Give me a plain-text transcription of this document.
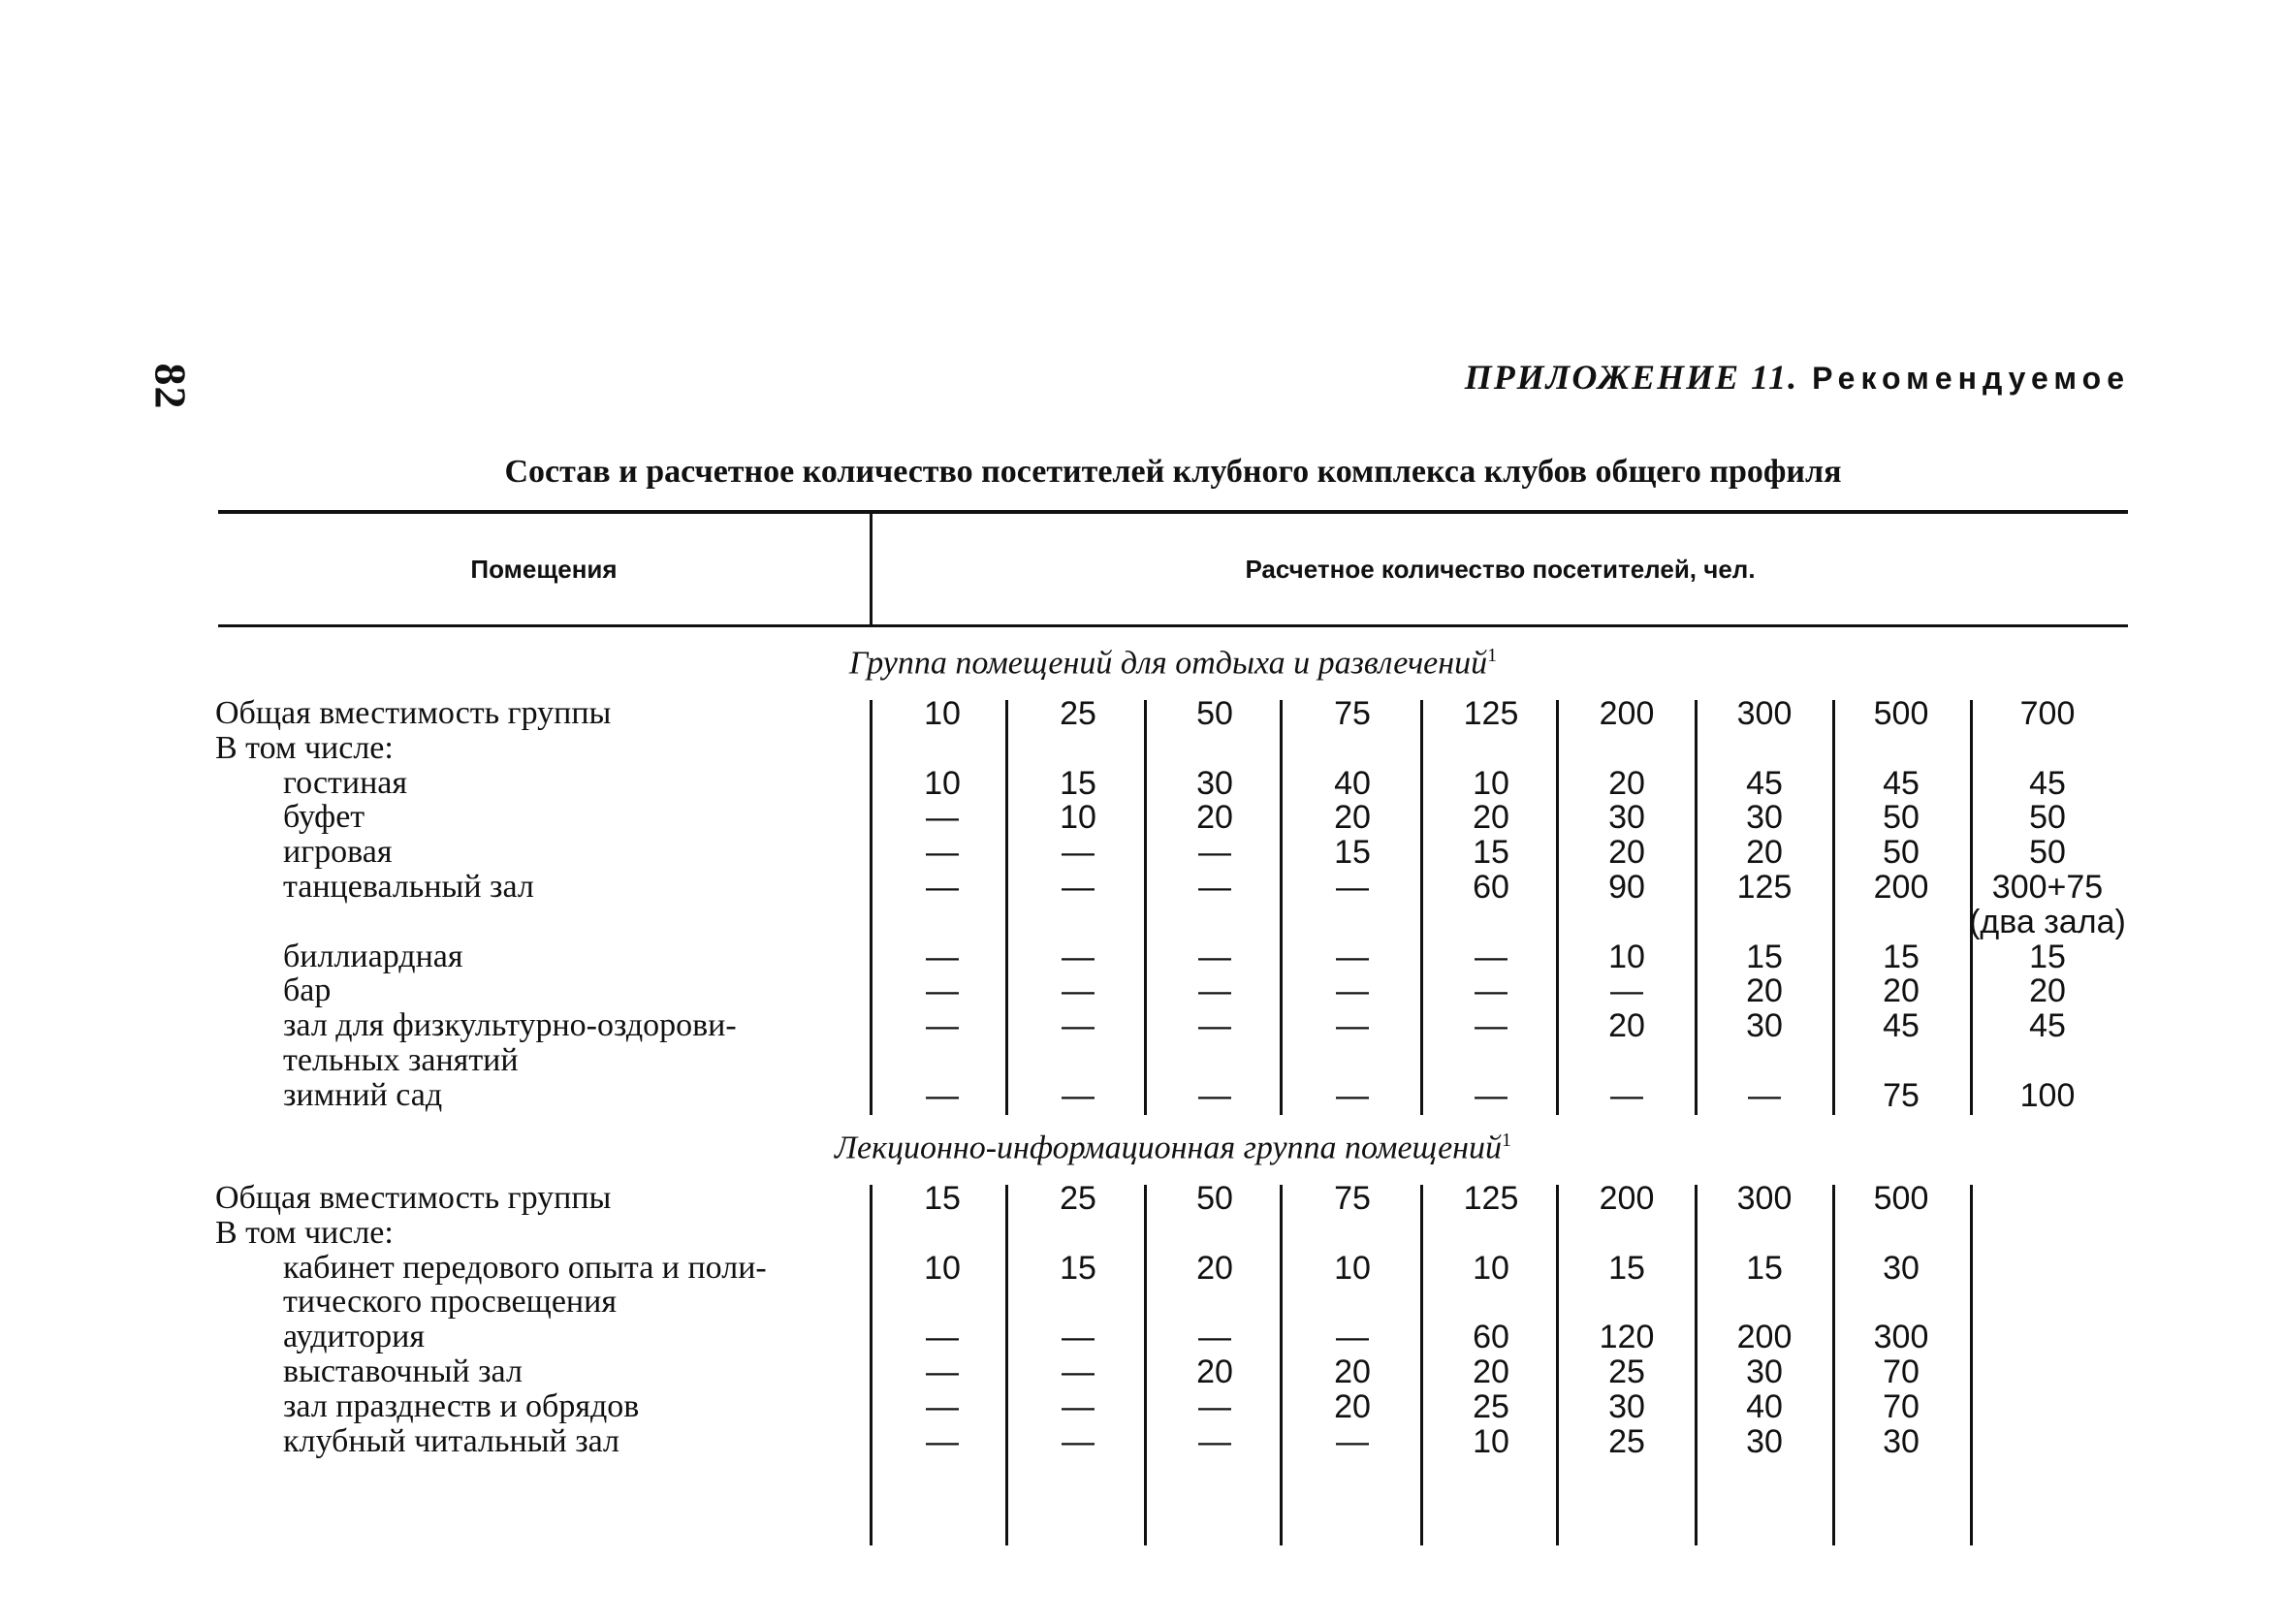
82	ПРИЛОЖЕНИЕ 11. Рекомендуемое
Состав и расчетное количество посетителей клубного комплекса клубов общего профиля
Помещения	Расчетное количество посетителей, чел.
Группа помещений для отдыха и развлечений$^1$
Лекционно-информационная группа помещений$^1$
Общая вместимость группы	10	25	50	75	125	200	300	500	700
В том числе:
гостиная	10	15	30	40	10	20	45	45	45
буфет	—	10	20	20	20	30	30	50	50
игровая	—	—	—	15	15	20	20	50	50
танцевальный зал	—	—	—	—	60	90	125	200	300+75
(два зала)
биллиардная	—	—	—	—	—	10	15	15	15
бар	—	—	—	—	—	—	20	20	20
зал для физкультурно-оздорови-	—	—	—	—	—	20	30	45	45
тельных занятий
зимний сад	—	—	—	—	—	—	—	75	100
Общая вместимость группы	15	25	50	75	125	200	300	500
В том числе:
кабинет передового опыта и поли-	10	15	20	10	10	15	15	30
тического просвещения
аудитория	—	—	—	—	60	120	200	300
выставочный зал	—	—	20	20	20	25	30	70
зал празднеств и обрядов	—	—	—	20	25	30	40	70
клубный читальный зал	—	—	—	—	10	25	30	30
